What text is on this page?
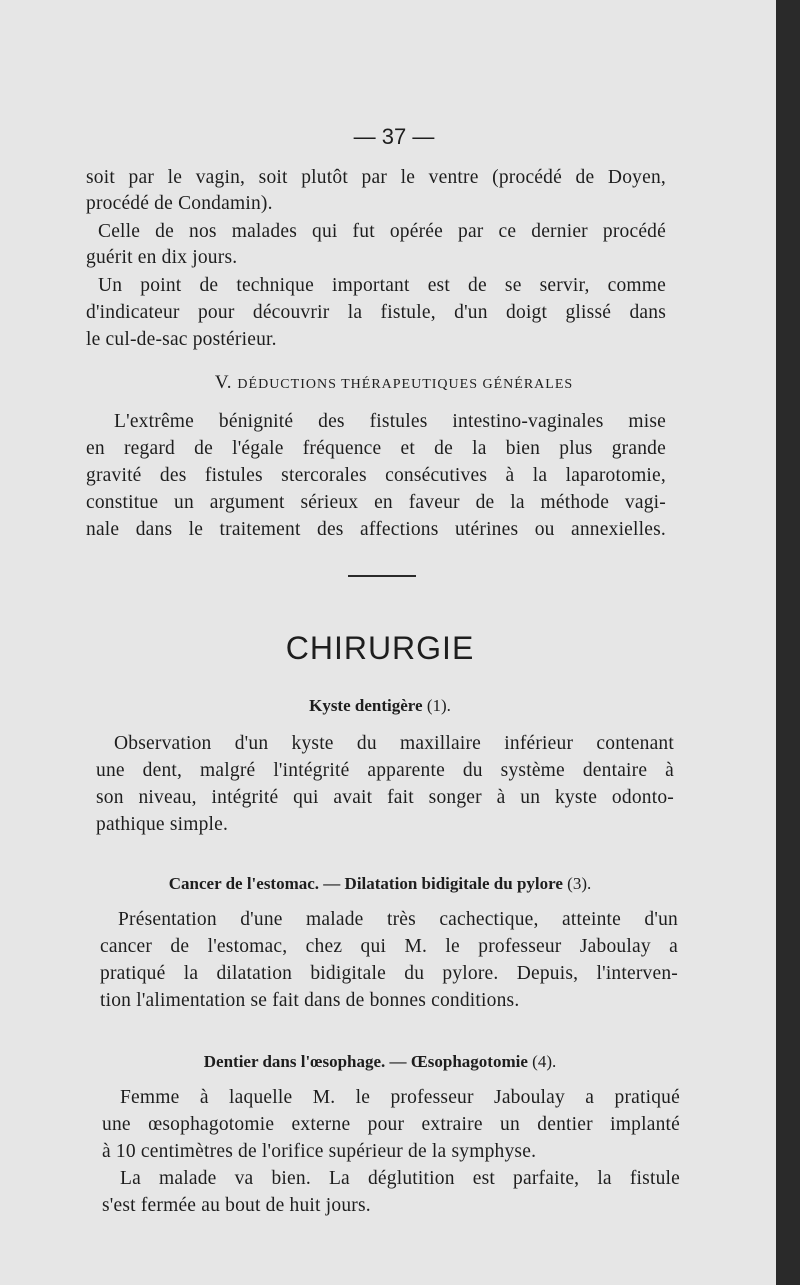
— 37 —
soit par le vagin, soit plutôt par le ventre (procédé de Doyen,
procédé de Condamin).
Celle de nos malades qui fut opérée par ce dernier procédé
guérit en dix jours.
Un point de technique important est de se servir, comme
d'indicateur pour découvrir la fistule, d'un doigt glissé dans
le cul-de-sac postérieur.
V. DÉDUCTIONS THÉRAPEUTIQUES GÉNÉRALES
L'extrême bénignité des fistules intestino-vaginales mise
en regard de l'égale fréquence et de la bien plus grande
gravité des fistules stercorales consécutives à la laparotomie,
constitue un argument sérieux en faveur de la méthode vagi-
nale dans le traitement des affections utérines ou annexielles.
CHIRURGIE
Kyste dentigère (1).
Observation d'un kyste du maxillaire inférieur contenant
une dent, malgré l'intégrité apparente du système dentaire à
son niveau, intégrité qui avait fait songer à un kyste odonto-
pathique simple.
Cancer de l'estomac. — Dilatation bidigitale du pylore (3).
Présentation d'une malade très cachectique, atteinte d'un
cancer de l'estomac, chez qui M. le professeur Jaboulay a
pratiqué la dilatation bidigitale du pylore. Depuis, l'interven-
tion l'alimentation se fait dans de bonnes conditions.
Dentier dans l'œsophage. — Œsophagotomie (4).
Femme à laquelle M. le professeur Jaboulay a pratiqué
une œsophagotomie externe pour extraire un dentier implanté
à 10 centimètres de l'orifice supérieur de la symphyse.
La malade va bien. La déglutition est parfaite, la fistule
s'est fermée au bout de huit jours.
